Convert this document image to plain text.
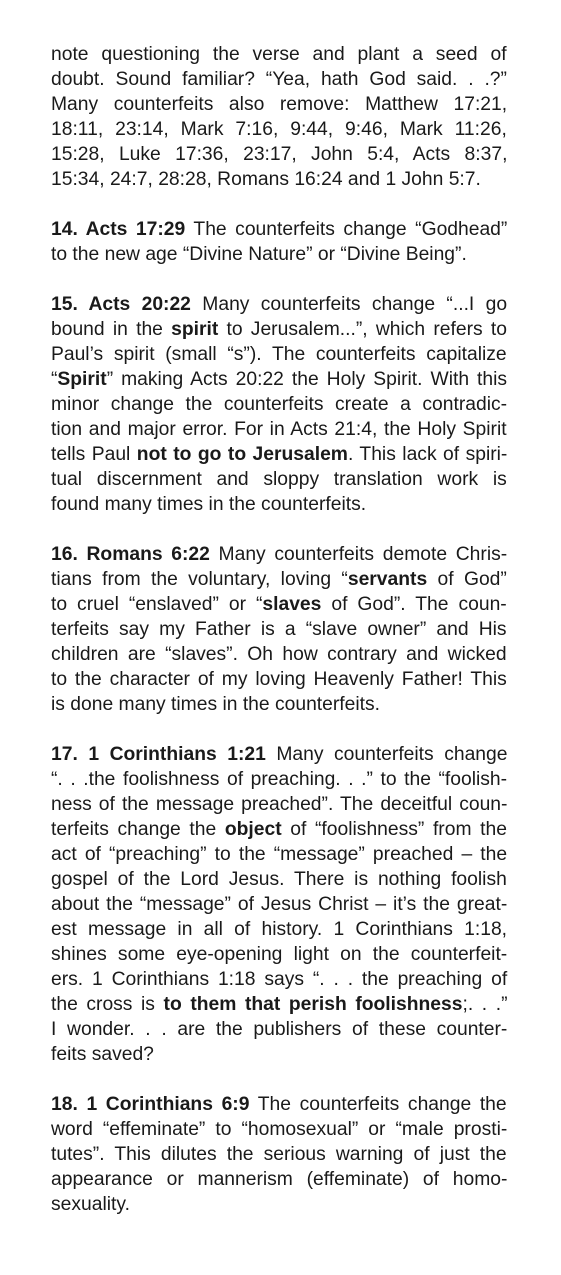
note questioning the verse and plant a seed of
doubt. Sound familiar? “Yea, hath God said. . .?”
Many counterfeits also remove: Matthew 17:21,
18:11, 23:14, Mark 7:16, 9:44, 9:46, Mark 11:26,
15:28, Luke 17:36, 23:17, John 5:4, Acts 8:37,
15:34, 24:7, 28:28, Romans 16:24 and 1 John 5:7.
14. Acts 17:29 The counterfeits change “Godhead”
to the new age “Divine Nature” or “Divine Being”.
15. Acts 20:22 Many counterfeits change “...I go
bound in the spirit to Jerusalem...”, which refers to
Paul’s spirit (small “s”). The counterfeits capitalize
“Spirit” making Acts 20:22 the Holy Spirit. With this
minor change the counterfeits create a contradic-
tion and major error. For in Acts 21:4, the Holy Spirit
tells Paul not to go to Jerusalem. This lack of spiri-
tual discernment and sloppy translation work is
found many times in the counterfeits.
16. Romans 6:22 Many counterfeits demote Chris-
tians from the voluntary, loving “servants of God”
to cruel “enslaved” or “slaves of God”. The coun-
terfeits say my Father is a “slave owner” and His
children are “slaves”. Oh how contrary and wicked
to the character of my loving Heavenly Father! This
is done many times in the counterfeits.
17. 1 Corinthians 1:21 Many counterfeits change
“. . .the foolishness of preaching. . .” to the “foolish-
ness of the message preached”. The deceitful coun-
terfeits change the object of “foolishness” from the
act of “preaching” to the “message” preached – the
gospel of the Lord Jesus. There is nothing foolish
about the “message” of Jesus Christ – it’s the great-
est message in all of history. 1 Corinthians 1:18,
shines some eye-opening light on the counterfeit-
ers. 1 Corinthians 1:18 says “. . . the preaching of
the cross is to them that perish foolishness;. . .”
I wonder. . . are the publishers of these counter-
feits saved?
18. 1 Corinthians 6:9 The counterfeits change the
word “effeminate” to “homosexual” or “male prosti-
tutes”. This dilutes the serious warning of just the
appearance or mannerism (effeminate) of homo-
sexuality.
